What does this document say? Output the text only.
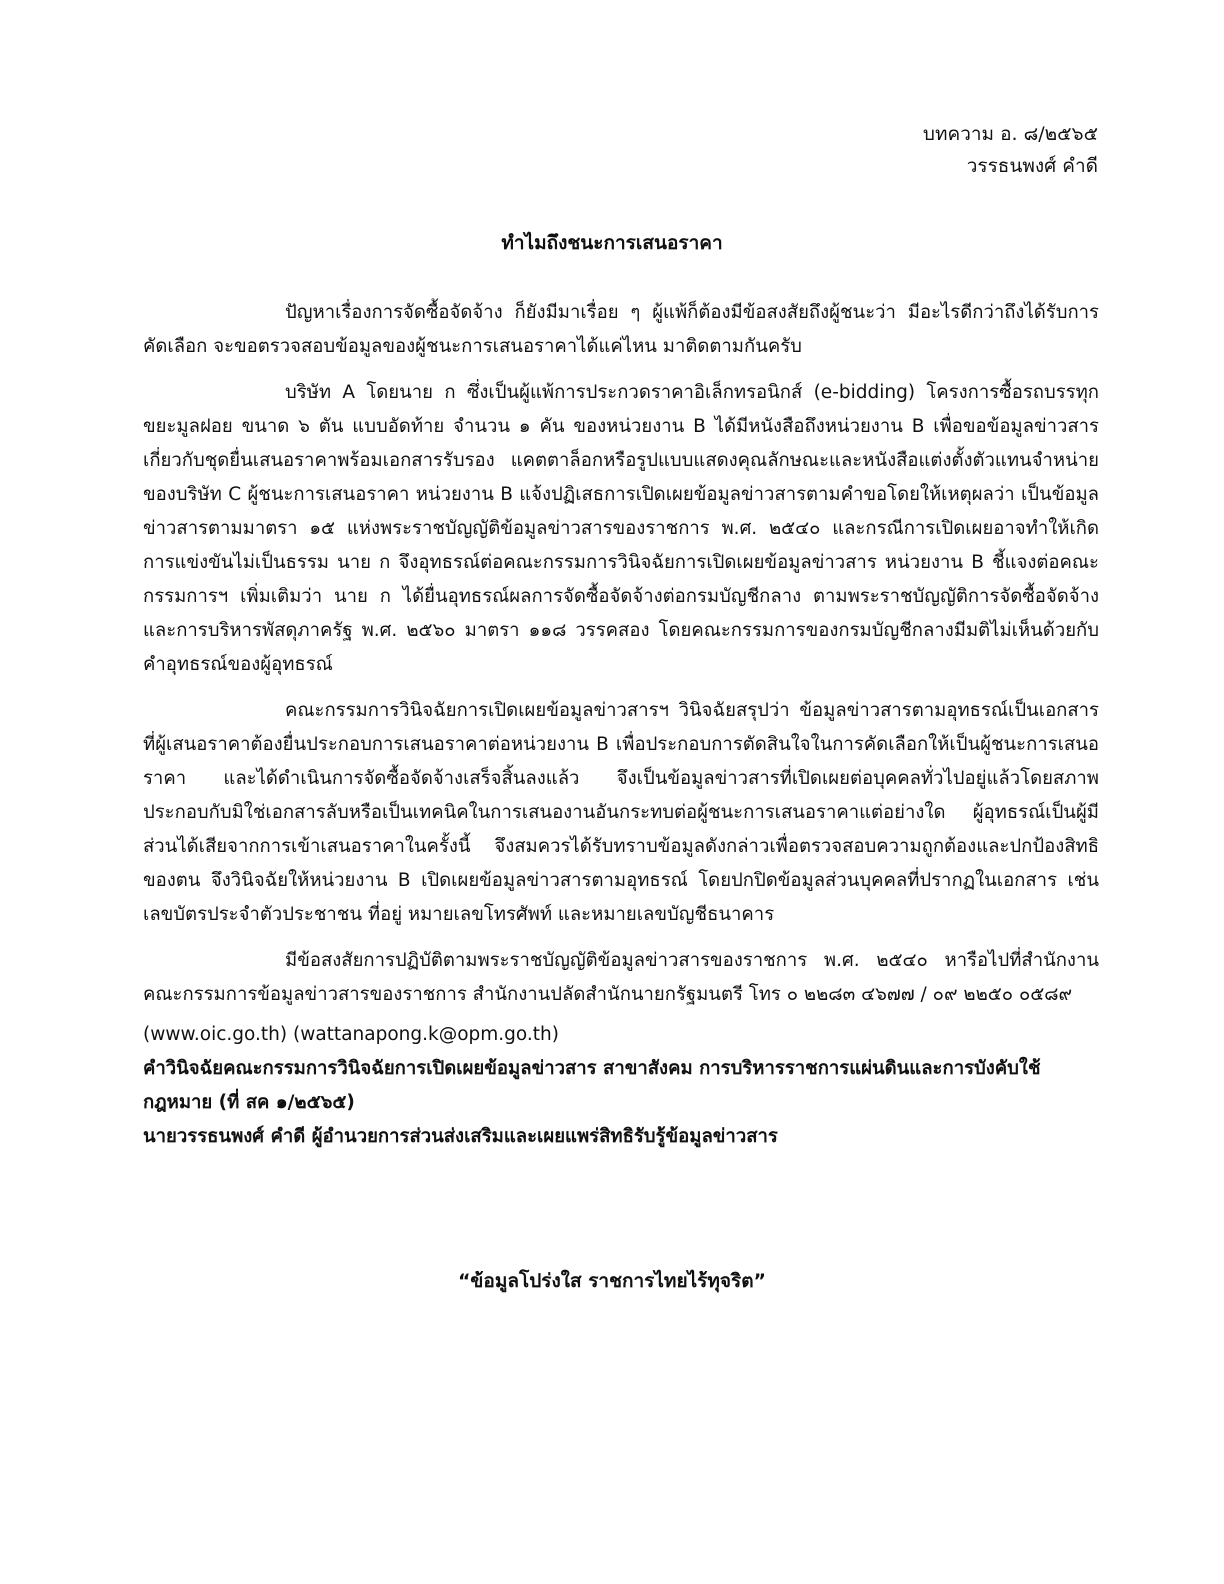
บทความ อ. ๘/๒๕๖๕
วรรธนพงศ์ คำดี
ทำไมถึงชนะการเสนอราคา

ปัญหาเรื่องการจัดซื้อจัดจ้าง ก็ยังมีมาเรื่อย ๆ ผู้แพ้ก็ต้องมีข้อสงสัยถึงผู้ชนะว่า มีอะไรดีกว่าถึงได้รับการคัดเลือก จะขอตรวจสอบข้อมูลของผู้ชนะการเสนอราคาได้แค่ไหน มาติดตามกันครับ

บริษัท A โดยนาย ก ซึ่งเป็นผู้แพ้การประกวดราคาอิเล็กทรอนิกส์ (e-bidding) โครงการซื้อรถบรรทุกขยะมูลฝอย ขนาด ๖ ตัน แบบอัดท้าย จำนวน ๑ คัน ของหน่วยงาน B ได้มีหนังสือถึงหน่วยงาน B เพื่อขอข้อมูลข่าวสารเกี่ยวกับชุดยื่นเสนอราคาพร้อมเอกสารรับรอง แคตตาล็อกหรือรูปแบบแสดงคุณลักษณะและหนังสือแต่งตั้งตัวแทนจำหน่ายของบริษัท C ผู้ชนะการเสนอราคา หน่วยงาน B แจ้งปฏิเสธการเปิดเผยข้อมูลข่าวสารตามคำขอโดยให้เหตุผลว่า เป็นข้อมูลข่าวสารตามมาตรา ๑๕ แห่งพระราชบัญญัติข้อมูลข่าวสารของราชการ พ.ศ. ๒๕๔๐ และกรณีการเปิดเผยอาจทำให้เกิดการแข่งขันไม่เป็นธรรม นาย ก จึงอุทธรณ์ต่อคณะกรรมการวินิจฉัยการเปิดเผยข้อมูลข่าวสาร หน่วยงาน B ชี้แจงต่อคณะกรรมการฯ เพิ่มเติมว่า นาย ก ได้ยื่นอุทธรณ์ผลการจัดซื้อจัดจ้างต่อกรมบัญชีกลาง ตามพระราชบัญญัติการจัดซื้อจัดจ้างและการบริหารพัสดุภาครัฐ พ.ศ. ๒๕๖๐ มาตรา ๑๑๘ วรรคสอง โดยคณะกรรมการของกรมบัญชีกลางมีมติไม่เห็นด้วยกับคำอุทธรณ์ของผู้อุทธรณ์

คณะกรรมการวินิจฉัยการเปิดเผยข้อมูลข่าวสารฯ วินิจฉัยสรุปว่า ข้อมูลข่าวสารตามอุทธรณ์เป็นเอกสารที่ผู้เสนอราคาต้องยื่นประกอบการเสนอราคาต่อหน่วยงาน B เพื่อประกอบการตัดสินใจในการคัดเลือกให้เป็นผู้ชนะการเสนอราคา และได้ดำเนินการจัดซื้อจัดจ้างเสร็จสิ้นลงแล้ว จึงเป็นข้อมูลข่าวสารที่เปิดเผยต่อบุคคลทั่วไปอยู่แล้วโดยสภาพ ประกอบกับมิใช่เอกสารลับหรือเป็นเทคนิคในการเสนองานอันกระทบต่อผู้ชนะการเสนอราคาแต่อย่างใด ผู้อุทธรณ์เป็นผู้มีส่วนได้เสียจากการเข้าเสนอราคาในครั้งนี้ จึงสมควรได้รับทราบข้อมูลดังกล่าวเพื่อตรวจสอบความถูกต้องและปกป้องสิทธิของตน จึงวินิจฉัยให้หน่วยงาน B เปิดเผยข้อมูลข่าวสารตามอุทธรณ์ โดยปกปิดข้อมูลส่วนบุคคลที่ปรากฏในเอกสาร เช่น เลขบัตรประจำตัวประชาชน ที่อยู่ หมายเลขโทรศัพท์ และหมายเลขบัญชีธนาคาร

มีข้อสงสัยการปฏิบัติตามพระราชบัญญัติข้อมูลข่าวสารของราชการ พ.ศ. ๒๕๔๐ หารือไปที่สำนักงานคณะกรรมการข้อมูลข่าวสารของราชการ สำนักงานปลัดสำนักนายกรัฐมนตรี โทร ๐ ๒๒๘๓ ๔๖๗๗ / ๐๙ ๒๒๕๐ ๐๕๘๙

(www.oic.go.th) (wattanapong.k@opm.go.th)

คำวินิจฉัยคณะกรรมการวินิจฉัยการเปิดเผยข้อมูลข่าวสาร สาขาสังคม การบริหารราชการแผ่นดินและการบังคับใช้กฎหมาย (ที่ สค ๑/๒๕๖๕)

นายวรรธนพงศ์ คำดี ผู้อำนวยการส่วนส่งเสริมและเผยแพร่สิทธิรับรู้ข้อมูลข่าวสาร

“ข้อมูลโปร่งใส ราชการไทยไร้ทุจริต”
